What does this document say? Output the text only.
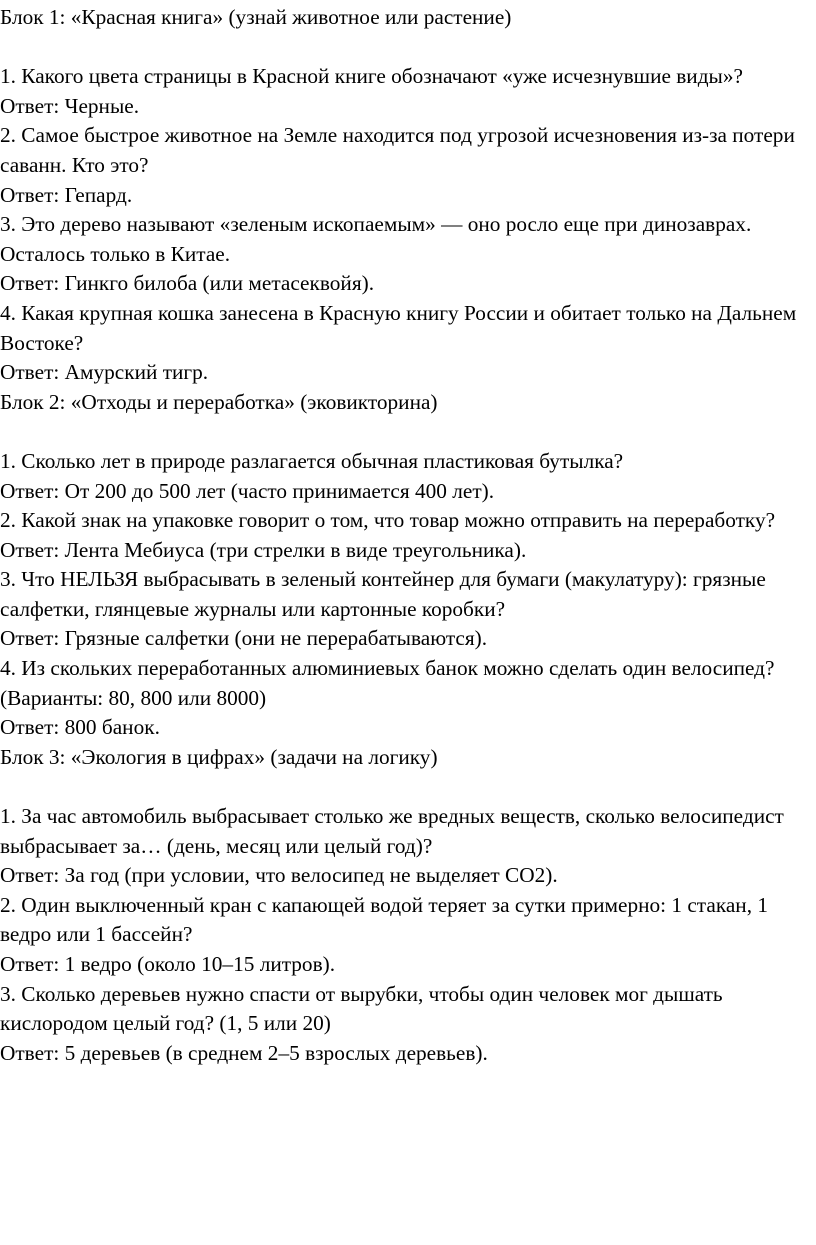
Блок 1: «Красная книга» (узнай животное или растение)

1. Какого цвета страницы в Красной книге обозначают «уже исчезнувшие виды»?

Ответ: Черные.

2. Самое быстрое животное на Земле находится под угрозой исчезновения из-за потери саванн. Кто это?

Ответ: Гепард.

3. Это дерево называют «зеленым ископаемым» — оно росло еще при динозаврах. Осталось только в Китае.

Ответ: Гинкго билоба (или метасеквойя).

4. Какая крупная кошка занесена в Красную книгу России и обитает только на Дальнем Востоке?

Ответ: Амурский тигр.

Блок 2: «Отходы и переработка» (эковикторина)

1. Сколько лет в природе разлагается обычная пластиковая бутылка?

Ответ: От 200 до 500 лет (часто принимается 400 лет).

2. Какой знак на упаковке говорит о том, что товар можно отправить на переработку?

Ответ: Лента Мебиуса (три стрелки в виде треугольника).

3. Что НЕЛЬЗЯ выбрасывать в зеленый контейнер для бумаги (макулатуру): грязные салфетки, глянцевые журналы или картонные коробки?

Ответ: Грязные салфетки (они не перерабатываются).

4. Из скольких переработанных алюминиевых банок можно сделать один велосипед? (Варианты: 80, 800 или 8000)

Ответ: 800 банок.

Блок 3: «Экология в цифрах» (задачи на логику)

1. За час автомобиль выбрасывает столько же вредных веществ, сколько велосипедист выбрасывает за… (день, месяц или целый год)?

Ответ: За год (при условии, что велосипед не выделяет CO2).

2. Один выключенный кран с капающей водой теряет за сутки примерно: 1 стакан, 1 ведро или 1 бассейн?

Ответ: 1 ведро (около 10–15 литров).

3. Сколько деревьев нужно спасти от вырубки, чтобы один человек мог дышать кислородом целый год? (1, 5 или 20)

Ответ: 5 деревьев (в среднем 2–5 взрослых деревьев).
